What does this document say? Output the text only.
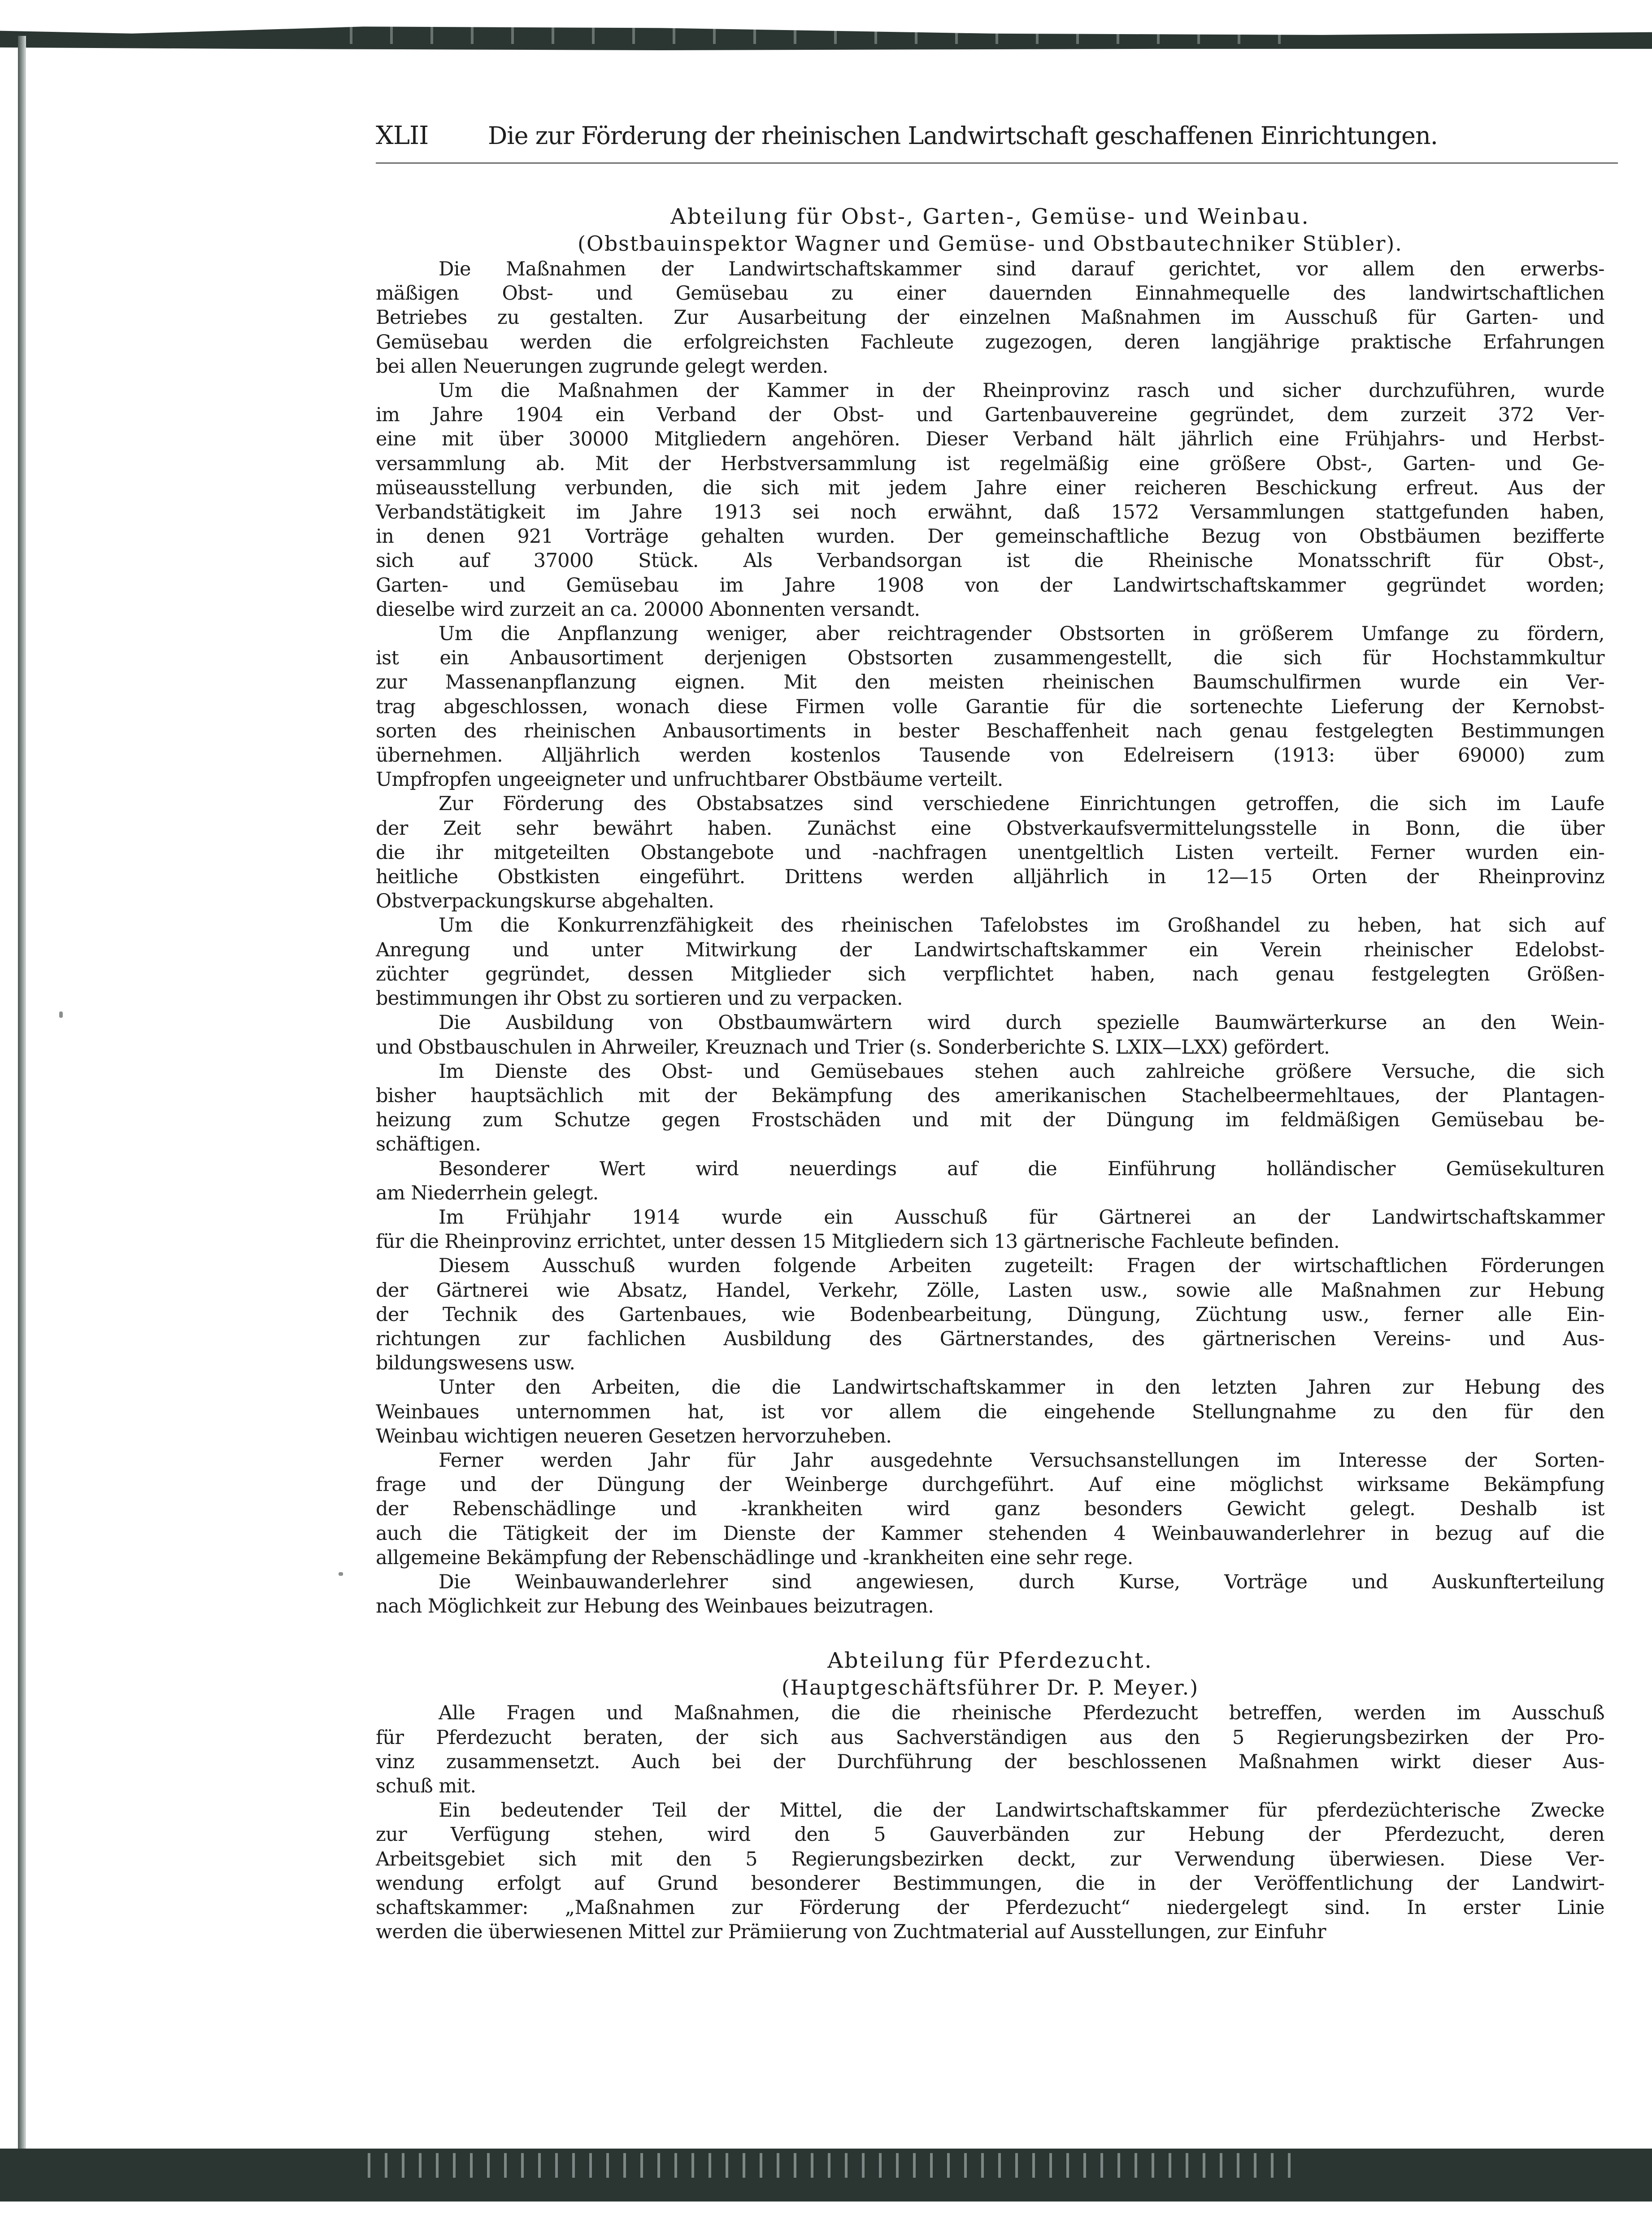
XLII	Die zur Förderung der rheinischen Landwirtschaft geschaffenen Einrichtungen.
Abteilung für Obst-, Garten-, Gemüse- und Weinbau.
(Obstbauinspektor Wagner und Gemüse- und Obstbautechniker Stübler).

Die Maßnahmen der Landwirtschaftskammer sind darauf gerichtet, vor allem den erwerbs-
mäßigen Obst- und Gemüsebau zu einer dauernden Einnahmequelle des landwirtschaftlichen
Betriebes zu gestalten. Zur Ausarbeitung der einzelnen Maßnahmen im Ausschuß für Garten- und
Gemüsebau werden die erfolgreichsten Fachleute zugezogen, deren langjährige praktische Erfahrungen
bei allen Neuerungen zugrunde gelegt werden.

Um die Maßnahmen der Kammer in der Rheinprovinz rasch und sicher durchzuführen, wurde
im Jahre 1904 ein Verband der Obst- und Gartenbauvereine gegründet, dem zurzeit 372 Ver-
eine mit über 30000 Mitgliedern angehören. Dieser Verband hält jährlich eine Frühjahrs- und Herbst-
versammlung ab. Mit der Herbstversammlung ist regelmäßig eine größere Obst-, Garten- und Ge-
müseausstellung verbunden, die sich mit jedem Jahre einer reicheren Beschickung erfreut. Aus der
Verbandstätigkeit im Jahre 1913 sei noch erwähnt, daß 1572 Versammlungen stattgefunden haben,
in denen 921 Vorträge gehalten wurden. Der gemeinschaftliche Bezug von Obstbäumen bezifferte
sich auf 37000 Stück. Als Verbandsorgan ist die Rheinische Monatsschrift für Obst-,
Garten- und Gemüsebau im Jahre 1908 von der Landwirtschaftskammer gegründet worden;
dieselbe wird zurzeit an ca. 20000 Abonnenten versandt.

Um die Anpflanzung weniger, aber reichtragender Obstsorten in größerem Umfange zu fördern,
ist ein Anbausortiment derjenigen Obstsorten zusammengestellt, die sich für Hochstammkultur
zur Massenanpflanzung eignen. Mit den meisten rheinischen Baumschulfirmen wurde ein Ver-
trag abgeschlossen, wonach diese Firmen volle Garantie für die sortenechte Lieferung der Kernobst-
sorten des rheinischen Anbausortiments in bester Beschaffenheit nach genau festgelegten Bestimmungen
übernehmen. Alljährlich werden kostenlos Tausende von Edelreisern (1913: über 69000) zum
Umpfropfen ungeeigneter und unfruchtbarer Obstbäume verteilt.

Zur Förderung des Obstabsatzes sind verschiedene Einrichtungen getroffen, die sich im Laufe
der Zeit sehr bewährt haben. Zunächst eine Obstverkaufsvermittelungsstelle in Bonn, die über
die ihr mitgeteilten Obstangebote und -nachfragen unentgeltlich Listen verteilt. Ferner wurden ein-
heitliche Obstkisten eingeführt. Drittens werden alljährlich in 12—15 Orten der Rheinprovinz
Obstverpackungskurse abgehalten.

Um die Konkurrenzfähigkeit des rheinischen Tafelobstes im Großhandel zu heben, hat sich auf
Anregung und unter Mitwirkung der Landwirtschaftskammer ein Verein rheinischer Edelobst-
züchter gegründet, dessen Mitglieder sich verpflichtet haben, nach genau festgelegten Größen-
bestimmungen ihr Obst zu sortieren und zu verpacken.

Die Ausbildung von Obstbaumwärtern wird durch spezielle Baumwärterkurse an den Wein-
und Obstbauschulen in Ahrweiler, Kreuznach und Trier (s. Sonderberichte S. LXIX—LXX) gefördert.

Im Dienste des Obst- und Gemüsebaues stehen auch zahlreiche größere Versuche, die sich
bisher hauptsächlich mit der Bekämpfung des amerikanischen Stachelbeermehltaues, der Plantagen-
heizung zum Schutze gegen Frostschäden und mit der Düngung im feldmäßigen Gemüsebau be-
schäftigen.

Besonderer Wert wird neuerdings auf die Einführung holländischer Gemüsekulturen
am Niederrhein gelegt.

Im Frühjahr 1914 wurde ein Ausschuß für Gärtnerei an der Landwirtschaftskammer
für die Rheinprovinz errichtet, unter dessen 15 Mitgliedern sich 13 gärtnerische Fachleute befinden.

Diesem Ausschuß wurden folgende Arbeiten zugeteilt: Fragen der wirtschaftlichen Förderungen
der Gärtnerei wie Absatz, Handel, Verkehr, Zölle, Lasten usw., sowie alle Maßnahmen zur Hebung
der Technik des Gartenbaues, wie Bodenbearbeitung, Düngung, Züchtung usw., ferner alle Ein-
richtungen zur fachlichen Ausbildung des Gärtnerstandes, des gärtnerischen Vereins- und Aus-
bildungswesens usw.

Unter den Arbeiten, die die Landwirtschaftskammer in den letzten Jahren zur Hebung des
Weinbaues unternommen hat, ist vor allem die eingehende Stellungnahme zu den für den
Weinbau wichtigen neueren Gesetzen hervorzuheben.

Ferner werden Jahr für Jahr ausgedehnte Versuchsanstellungen im Interesse der Sorten-
frage und der Düngung der Weinberge durchgeführt. Auf eine möglichst wirksame Bekämpfung
der Rebenschädlinge und -krankheiten wird ganz besonders Gewicht gelegt. Deshalb ist
auch die Tätigkeit der im Dienste der Kammer stehenden 4 Weinbauwanderlehrer in bezug auf die
allgemeine Bekämpfung der Rebenschädlinge und -krankheiten eine sehr rege.

Die Weinbauwanderlehrer sind angewiesen, durch Kurse, Vorträge und Auskunfterteilung
nach Möglichkeit zur Hebung des Weinbaues beizutragen.

Abteilung für Pferdezucht.
(Hauptgeschäftsführer Dr. P. Meyer.)

Alle Fragen und Maßnahmen, die die rheinische Pferdezucht betreffen, werden im Ausschuß
für Pferdezucht beraten, der sich aus Sachverständigen aus den 5 Regierungsbezirken der Pro-
vinz zusammensetzt. Auch bei der Durchführung der beschlossenen Maßnahmen wirkt dieser Aus-
schuß mit.

Ein bedeutender Teil der Mittel, die der Landwirtschaftskammer für pferdezüchterische Zwecke
zur Verfügung stehen, wird den 5 Gauverbänden zur Hebung der Pferdezucht, deren
Arbeitsgebiet sich mit den 5 Regierungsbezirken deckt, zur Verwendung überwiesen. Diese Ver-
wendung erfolgt auf Grund besonderer Bestimmungen, die in der Veröffentlichung der Landwirt-
schaftskammer: „Maßnahmen zur Förderung der Pferdezucht“ niedergelegt sind. In erster Linie
werden die überwiesenen Mittel zur Prämiierung von Zuchtmaterial auf Ausstellungen, zur Einfuhr
